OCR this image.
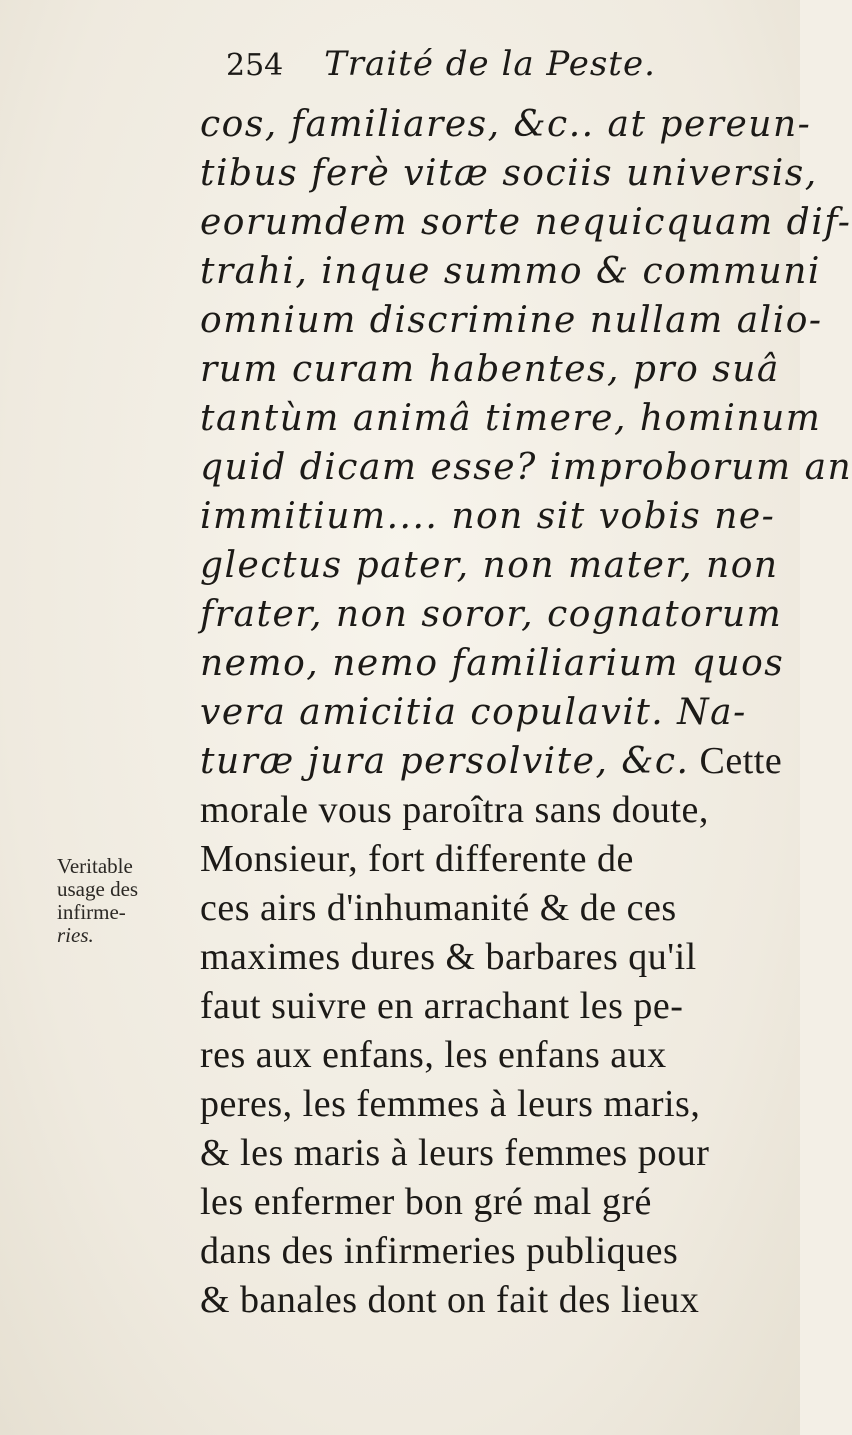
254 Traité de la Peste.
Veritable
usage des
infirme-
ries.
cos, familiares, &c.. at pereun-
tibus ferè vitæ sociis universis,
eorumdem sorte nequicquam dif-
trahi, inque summo & communi
omnium discrimine nullam alio-
rum curam habentes, pro suâ
tantùm animâ timere, hominum
quid dicam esse? improborum an
immitium.... non sit vobis ne-
glectus pater, non mater, non
frater, non soror, cognatorum
nemo, nemo familiarium quos
vera amicitia copulavit. Na-
turæ jura persolvite, &c. Cette
morale vous paroîtra sans doute,
Monsieur, fort differente de
ces airs d'inhumanité & de ces
maximes dures & barbares qu'il
faut suivre en arrachant les pe-
res aux enfans, les enfans aux
peres, les femmes à leurs maris,
& les maris à leurs femmes pour
les enfermer bon gré mal gré
dans des infirmeries publiques
& banales dont on fait des lieux
